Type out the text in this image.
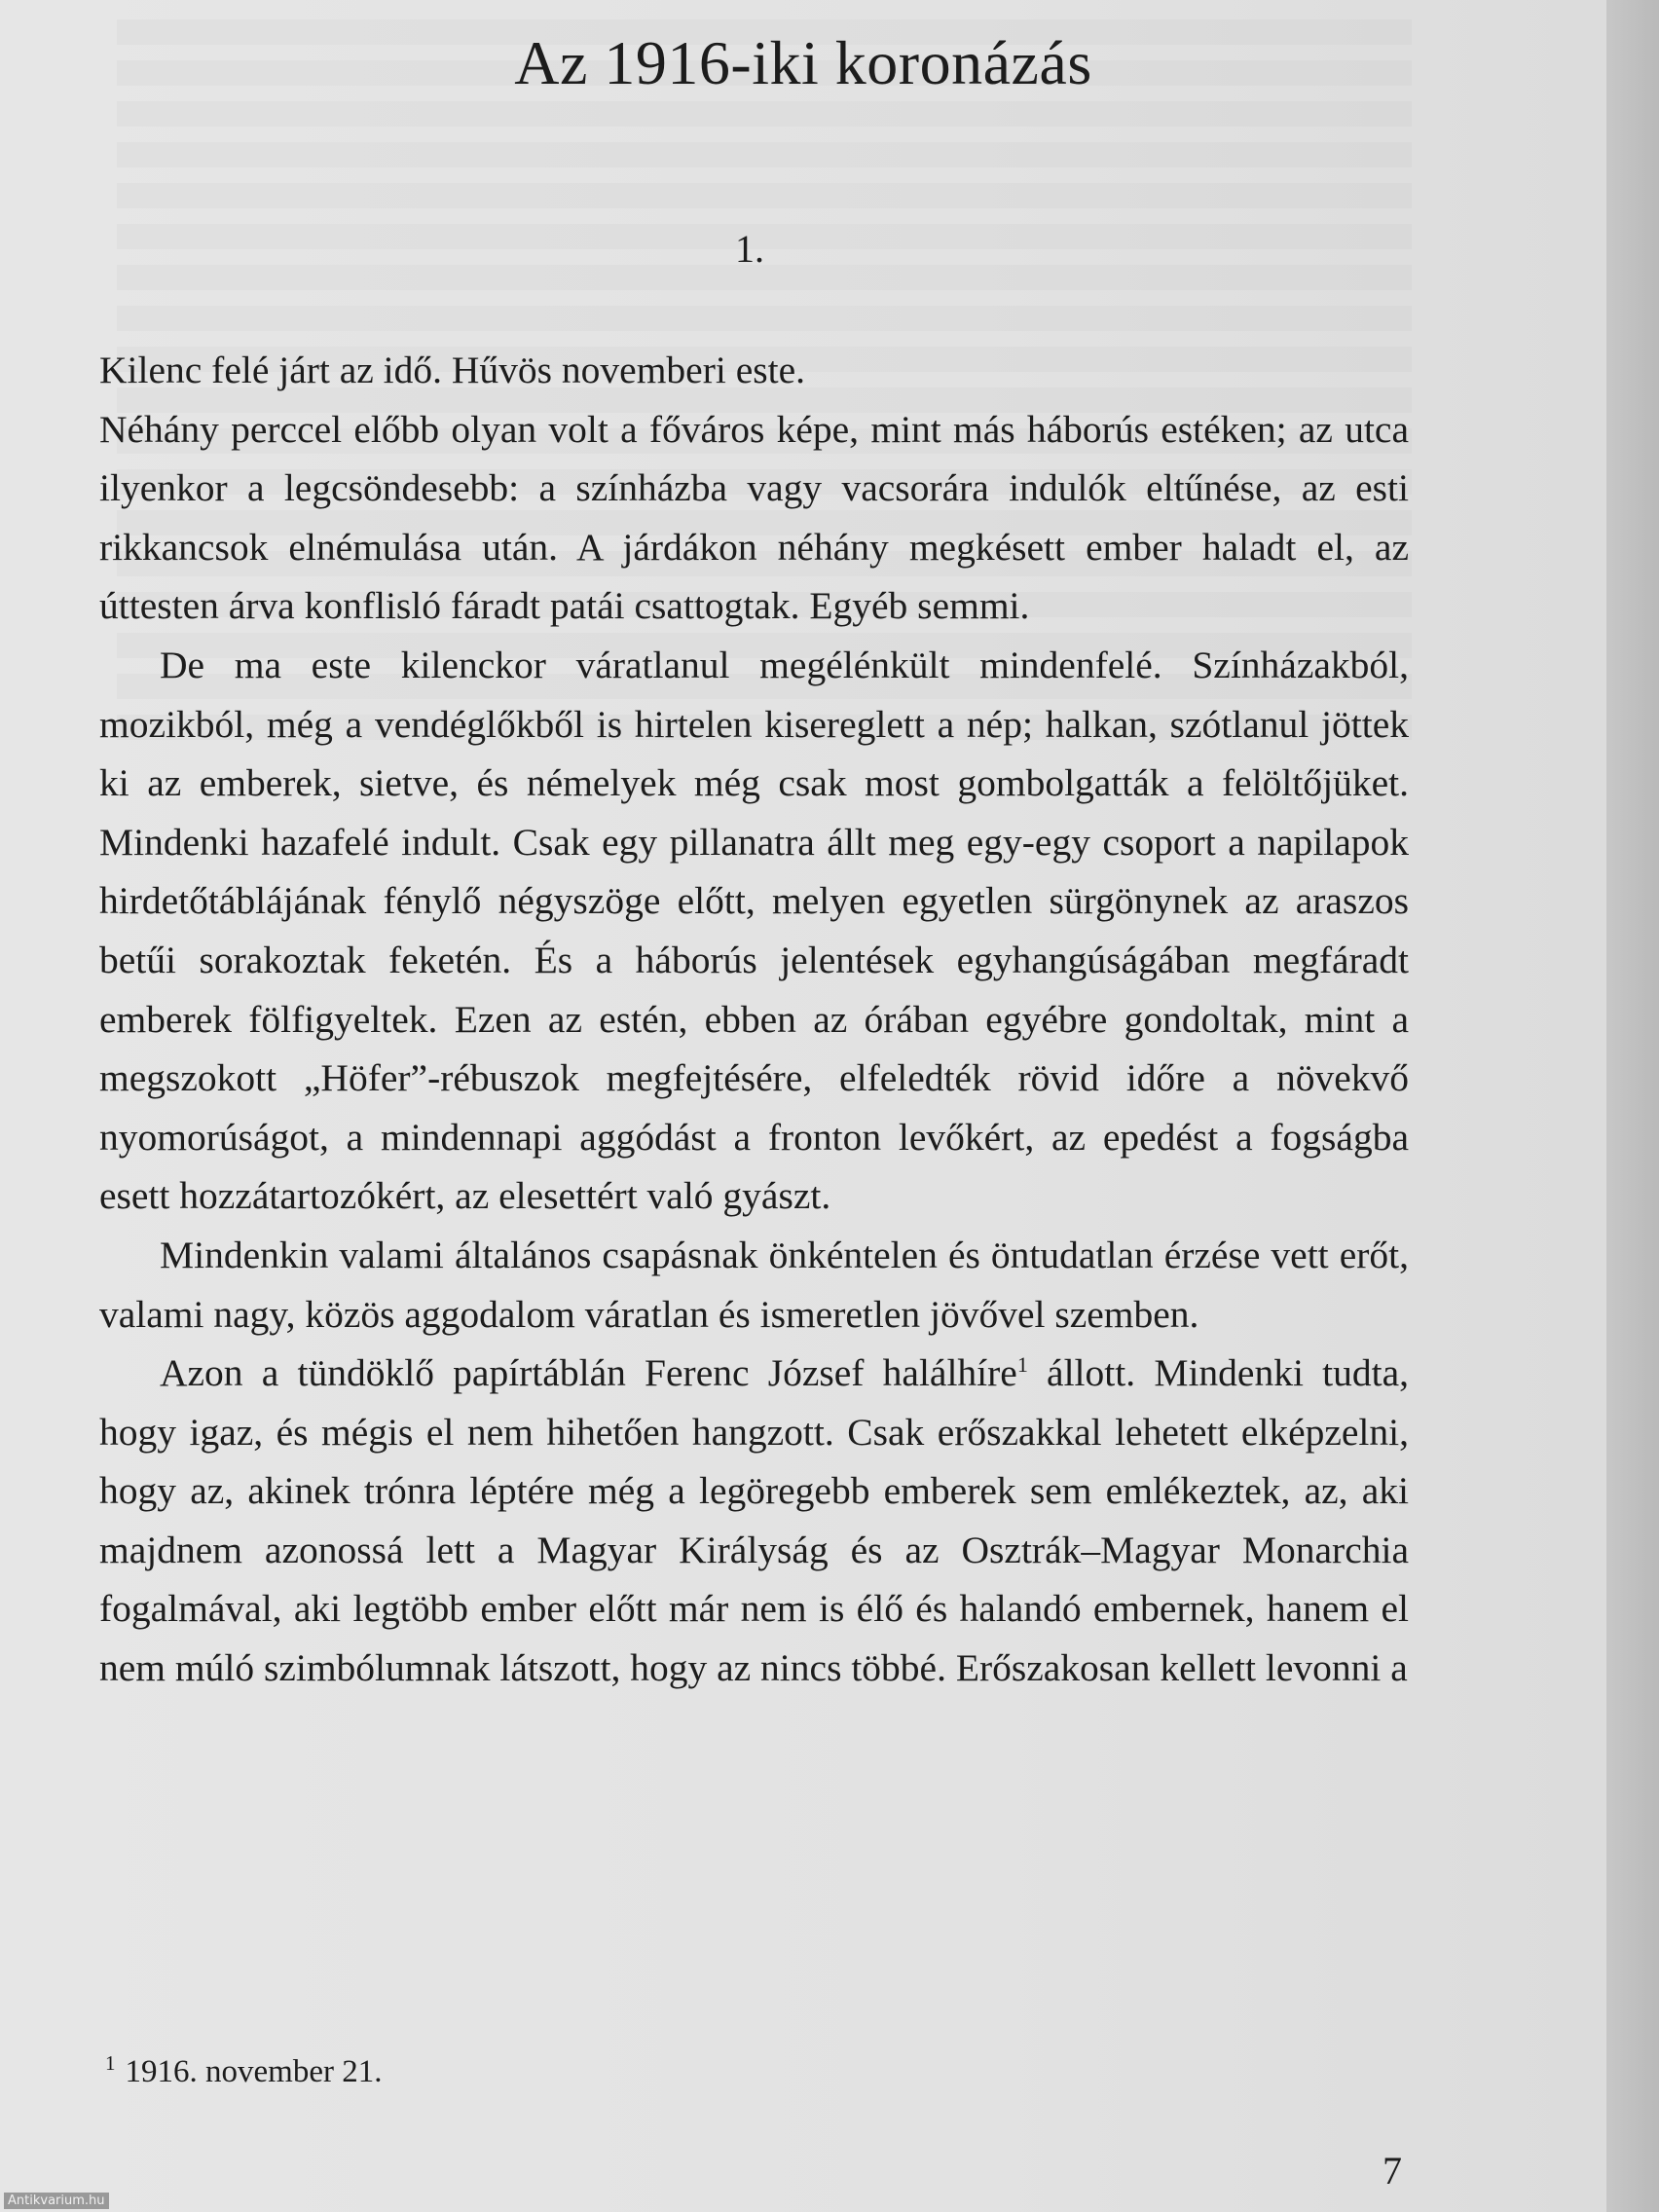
Az 1916-iki koronázás
1.

Kilenc felé járt az idő. Hűvös novemberi este.

Néhány perccel előbb olyan volt a főváros képe, mint más háborús estéken; az utca ilyenkor a legcsöndesebb: a színházba vagy vacsorára indulók eltűnése, az esti rikkancsok elnémulása után. A járdákon néhány megkésett ember haladt el, az úttesten árva konflisló fáradt patái csattogtak. Egyéb semmi.

De ma este kilenckor váratlanul megélénkült mindenfelé. Színházakból, mozikból, még a vendéglőkből is hirtelen kisereglett a nép; halkan, szótlanul jöttek ki az emberek, sietve, és némelyek még csak most gombolgatták a felöltőjüket. Mindenki hazafelé indult. Csak egy pillanatra állt meg egy-egy csoport a napilapok hirdetőtáblájának fénylő négyszöge előtt, melyen egyetlen sürgönynek az araszos betűi sorakoztak feketén. És a háborús jelentések egyhangúságában megfáradt emberek fölfigyeltek. Ezen az estén, ebben az órában egyébre gondoltak, mint a megszokott „Höfer”-rébuszok megfejtésére, elfeledték rövid időre a növekvő nyomorúságot, a mindennapi aggódást a fronton levőkért, az epedést a fogságba esett hozzátartozókért, az elesettért való gyászt.

Mindenkin valami általános csapásnak önkéntelen és öntudatlan érzése vett erőt, valami nagy, közös aggodalom váratlan és ismeretlen jövővel szemben.

Azon a tündöklő papírtáblán Ferenc József halálhíre$^1$ állott. Mindenki tudta, hogy igaz, és mégis el nem hihetően hangzott. Csak erőszakkal lehetett elképzelni, hogy az, akinek trónra léptére még a legöregebb emberek sem emlékeztek, az, aki majdnem azonossá lett a Magyar Királyság és az Osztrák–Magyar Monarchia fogalmával, aki legtöbb ember előtt már nem is élő és halandó embernek, hanem el nem múló szimbólumnak látszott, hogy az nincs többé. Erőszakosan kellett levonni a

$^1$ 1916. november 21.
7
Antikvarium.hu
